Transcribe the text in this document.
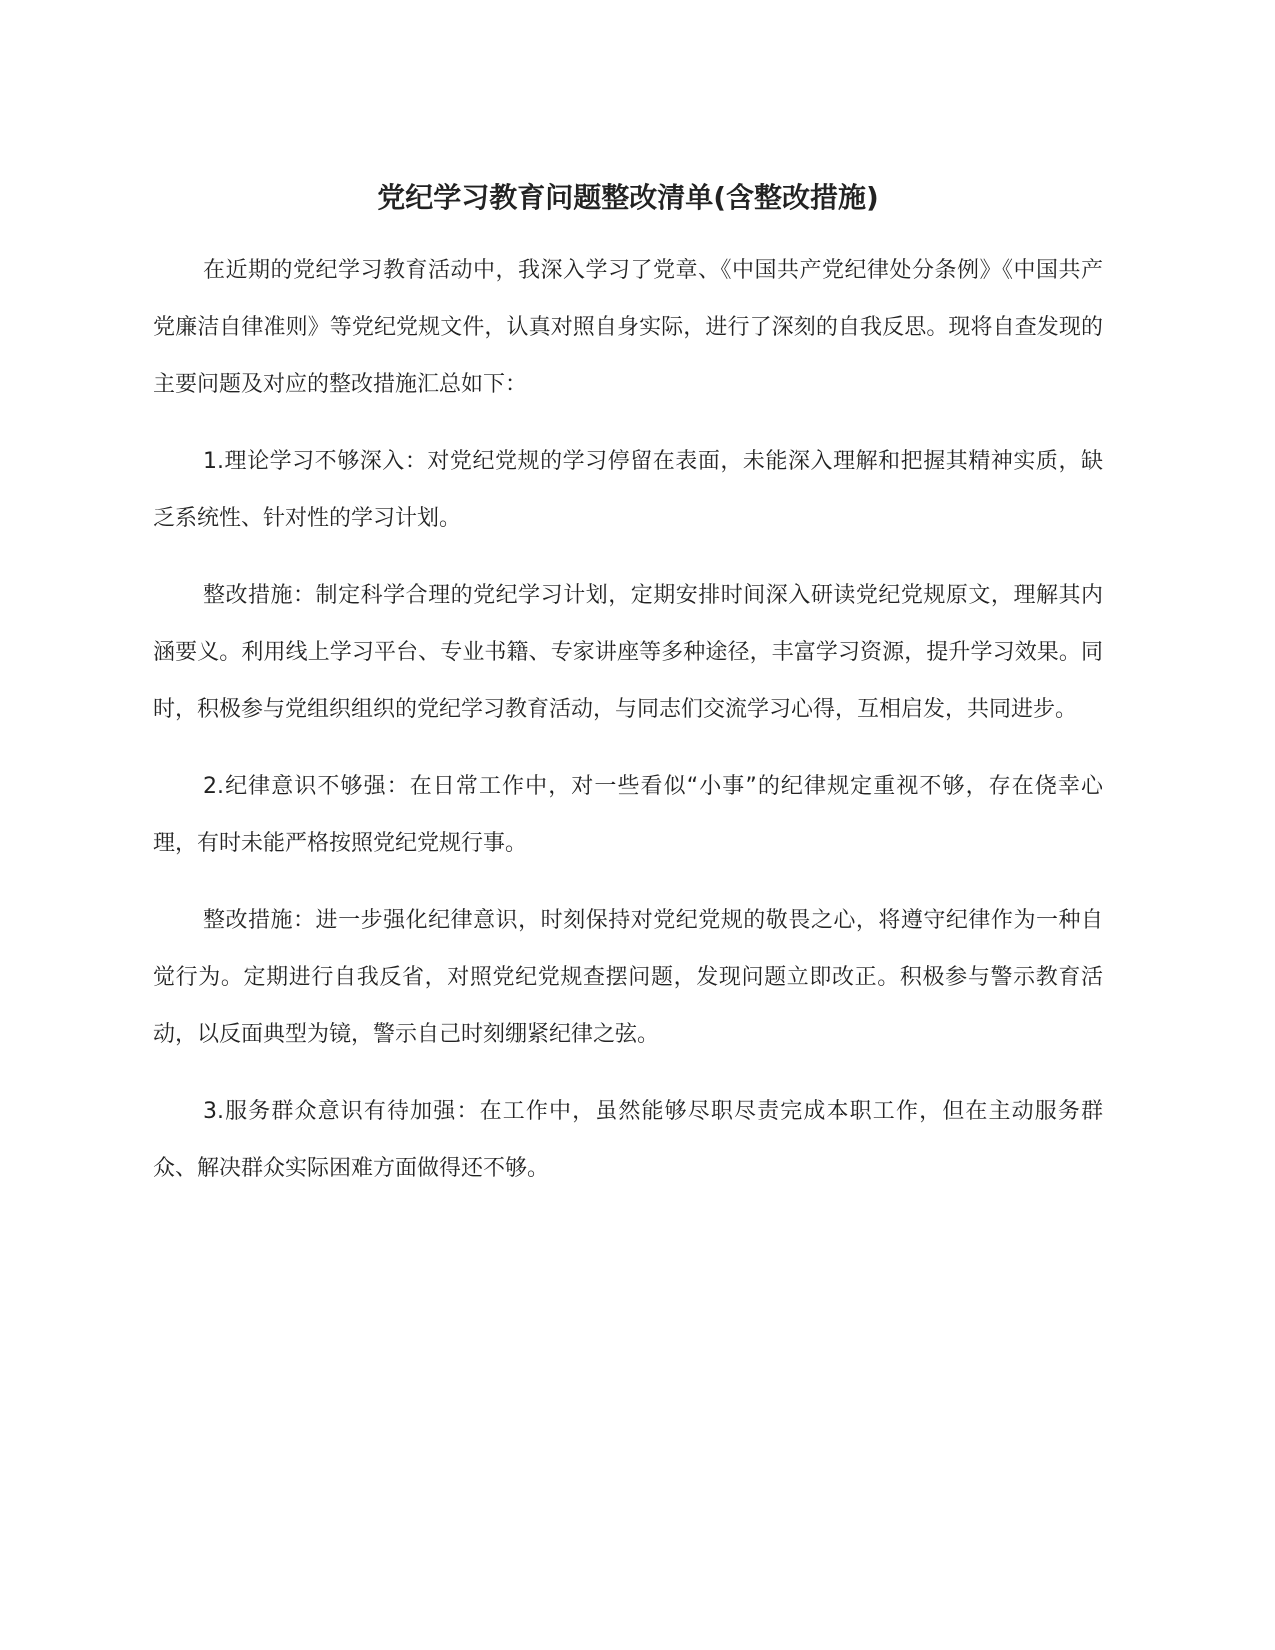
党纪学习教育问题整改清单(含整改措施)

在近期的党纪学习教育活动中，我深入学习了党章、《中国共产党纪律处分条例》《中国共产党廉洁自律准则》等党纪党规文件，认真对照自身实际，进行了深刻的自我反思。现将自查发现的主要问题及对应的整改措施汇总如下：

1.理论学习不够深入：对党纪党规的学习停留在表面，未能深入理解和把握其精神实质，缺乏系统性、针对性的学习计划。

整改措施：制定科学合理的党纪学习计划，定期安排时间深入研读党纪党规原文，理解其内涵要义。利用线上学习平台、专业书籍、专家讲座等多种途径，丰富学习资源，提升学习效果。同时，积极参与党组织组织的党纪学习教育活动，与同志们交流学习心得，互相启发，共同进步。

2.纪律意识不够强：在日常工作中，对一些看似“小事”的纪律规定重视不够，存在侥幸心理，有时未能严格按照党纪党规行事。

整改措施：进一步强化纪律意识，时刻保持对党纪党规的敬畏之心，将遵守纪律作为一种自觉行为。定期进行自我反省，对照党纪党规查摆问题，发现问题立即改正。积极参与警示教育活动，以反面典型为镜，警示自己时刻绷紧纪律之弦。

3.服务群众意识有待加强：在工作中，虽然能够尽职尽责完成本职工作，但在主动服务群众、解决群众实际困难方面做得还不够。
